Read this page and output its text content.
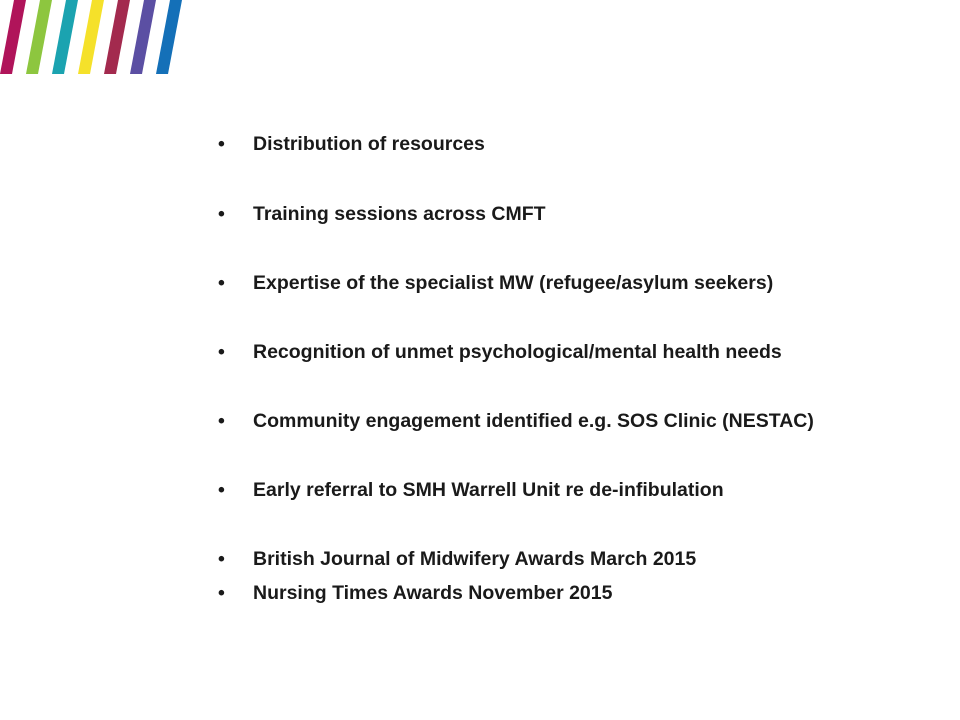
• Distribution of resources
• Training sessions across CMFT
• Expertise of the specialist MW (refugee/asylum seekers)
• Recognition of unmet psychological/mental health needs
• Community engagement identified e.g. SOS Clinic (NESTAC)
• Early referral to SMH Warrell Unit re de-infibulation
• British Journal of Midwifery Awards March 2015
• Nursing Times Awards November 2015
